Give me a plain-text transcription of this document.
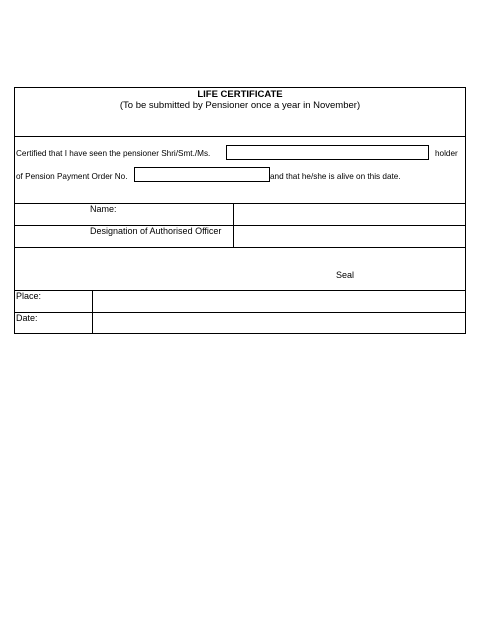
LIFE CERTIFICATE
(To be submitted by Pensioner once a year in November)
Certified that I have seen the pensioner Shri/Smt./Ms.	holder
of Pension Payment Order No.	and that he/she is alive on this date.
Name:
Designation of Authorised Officer
Seal
Place:
Date:
